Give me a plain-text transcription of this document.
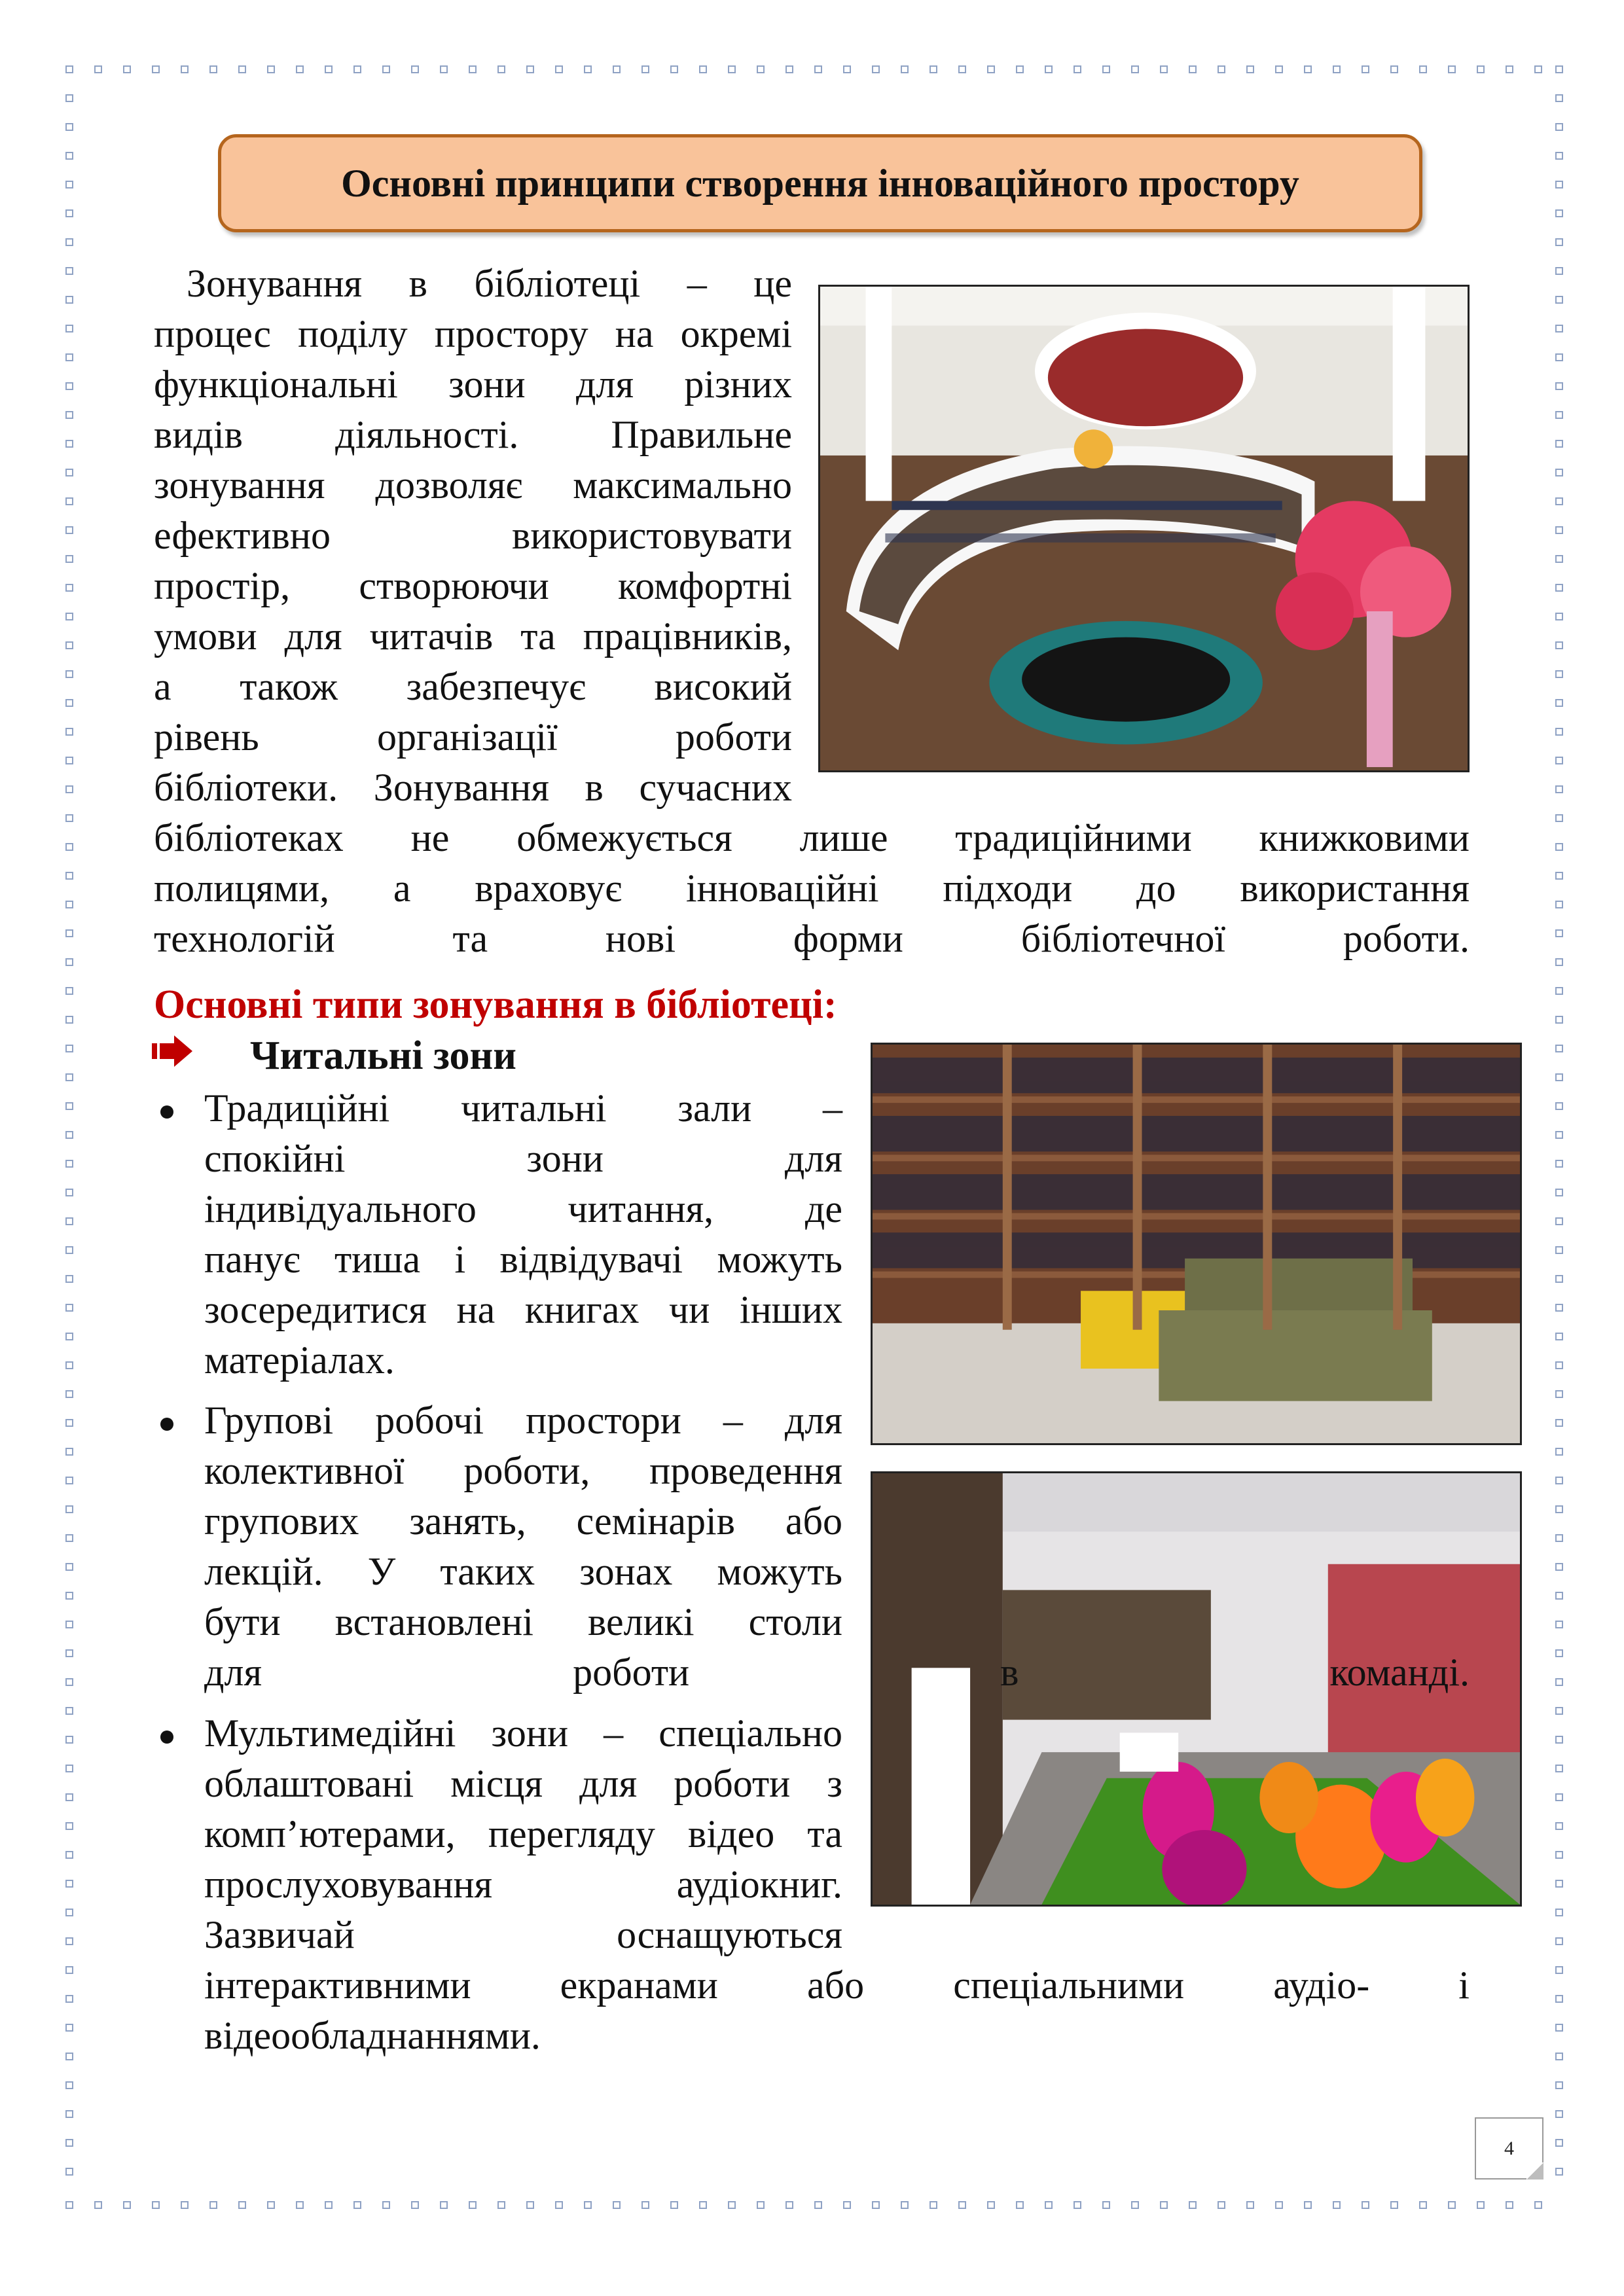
Основні принципи створення інноваційного простору
Зонування в бібліотеці – це
процес поділу простору на окремі
функціональні зони для різних
видів діяльності. Правильне
зонування дозволяє максимально
ефективно	використовувати
простір, створюючи комфортні
умови для читачів та працівників,
а також забезпечує високий
рівень	організації	роботи
бібліотеки. Зонування в сучасних
бібліотеках не обмежується лише традиційними книжковими
полицями, а враховує інноваційні підходи до використання
технологій та нові форми бібліотечної роботи.
Основні типи зонування в бібліотеці:
Читальні зони
Традиційні читальні зали –
спокійні	зони	для
індивідуального читання, де
панує тиша і відвідувачі можуть
зосередитися на книгах чи інших
матеріалах.
Групові робочі простори – для
колективної роботи, проведення
групових занять, семінарів або
лекцій. У таких зонах можуть
бути встановлені великі столи
для роботи в команді.
Мультимедійні зони – спеціально
облаштовані місця для роботи з
комп’ютерами, перегляду відео та
прослуховування	аудіокниг.
Зазвичай	оснащуються
інтерактивними екранами або спеціальними аудіо- і
відеообладнаннями.
4
